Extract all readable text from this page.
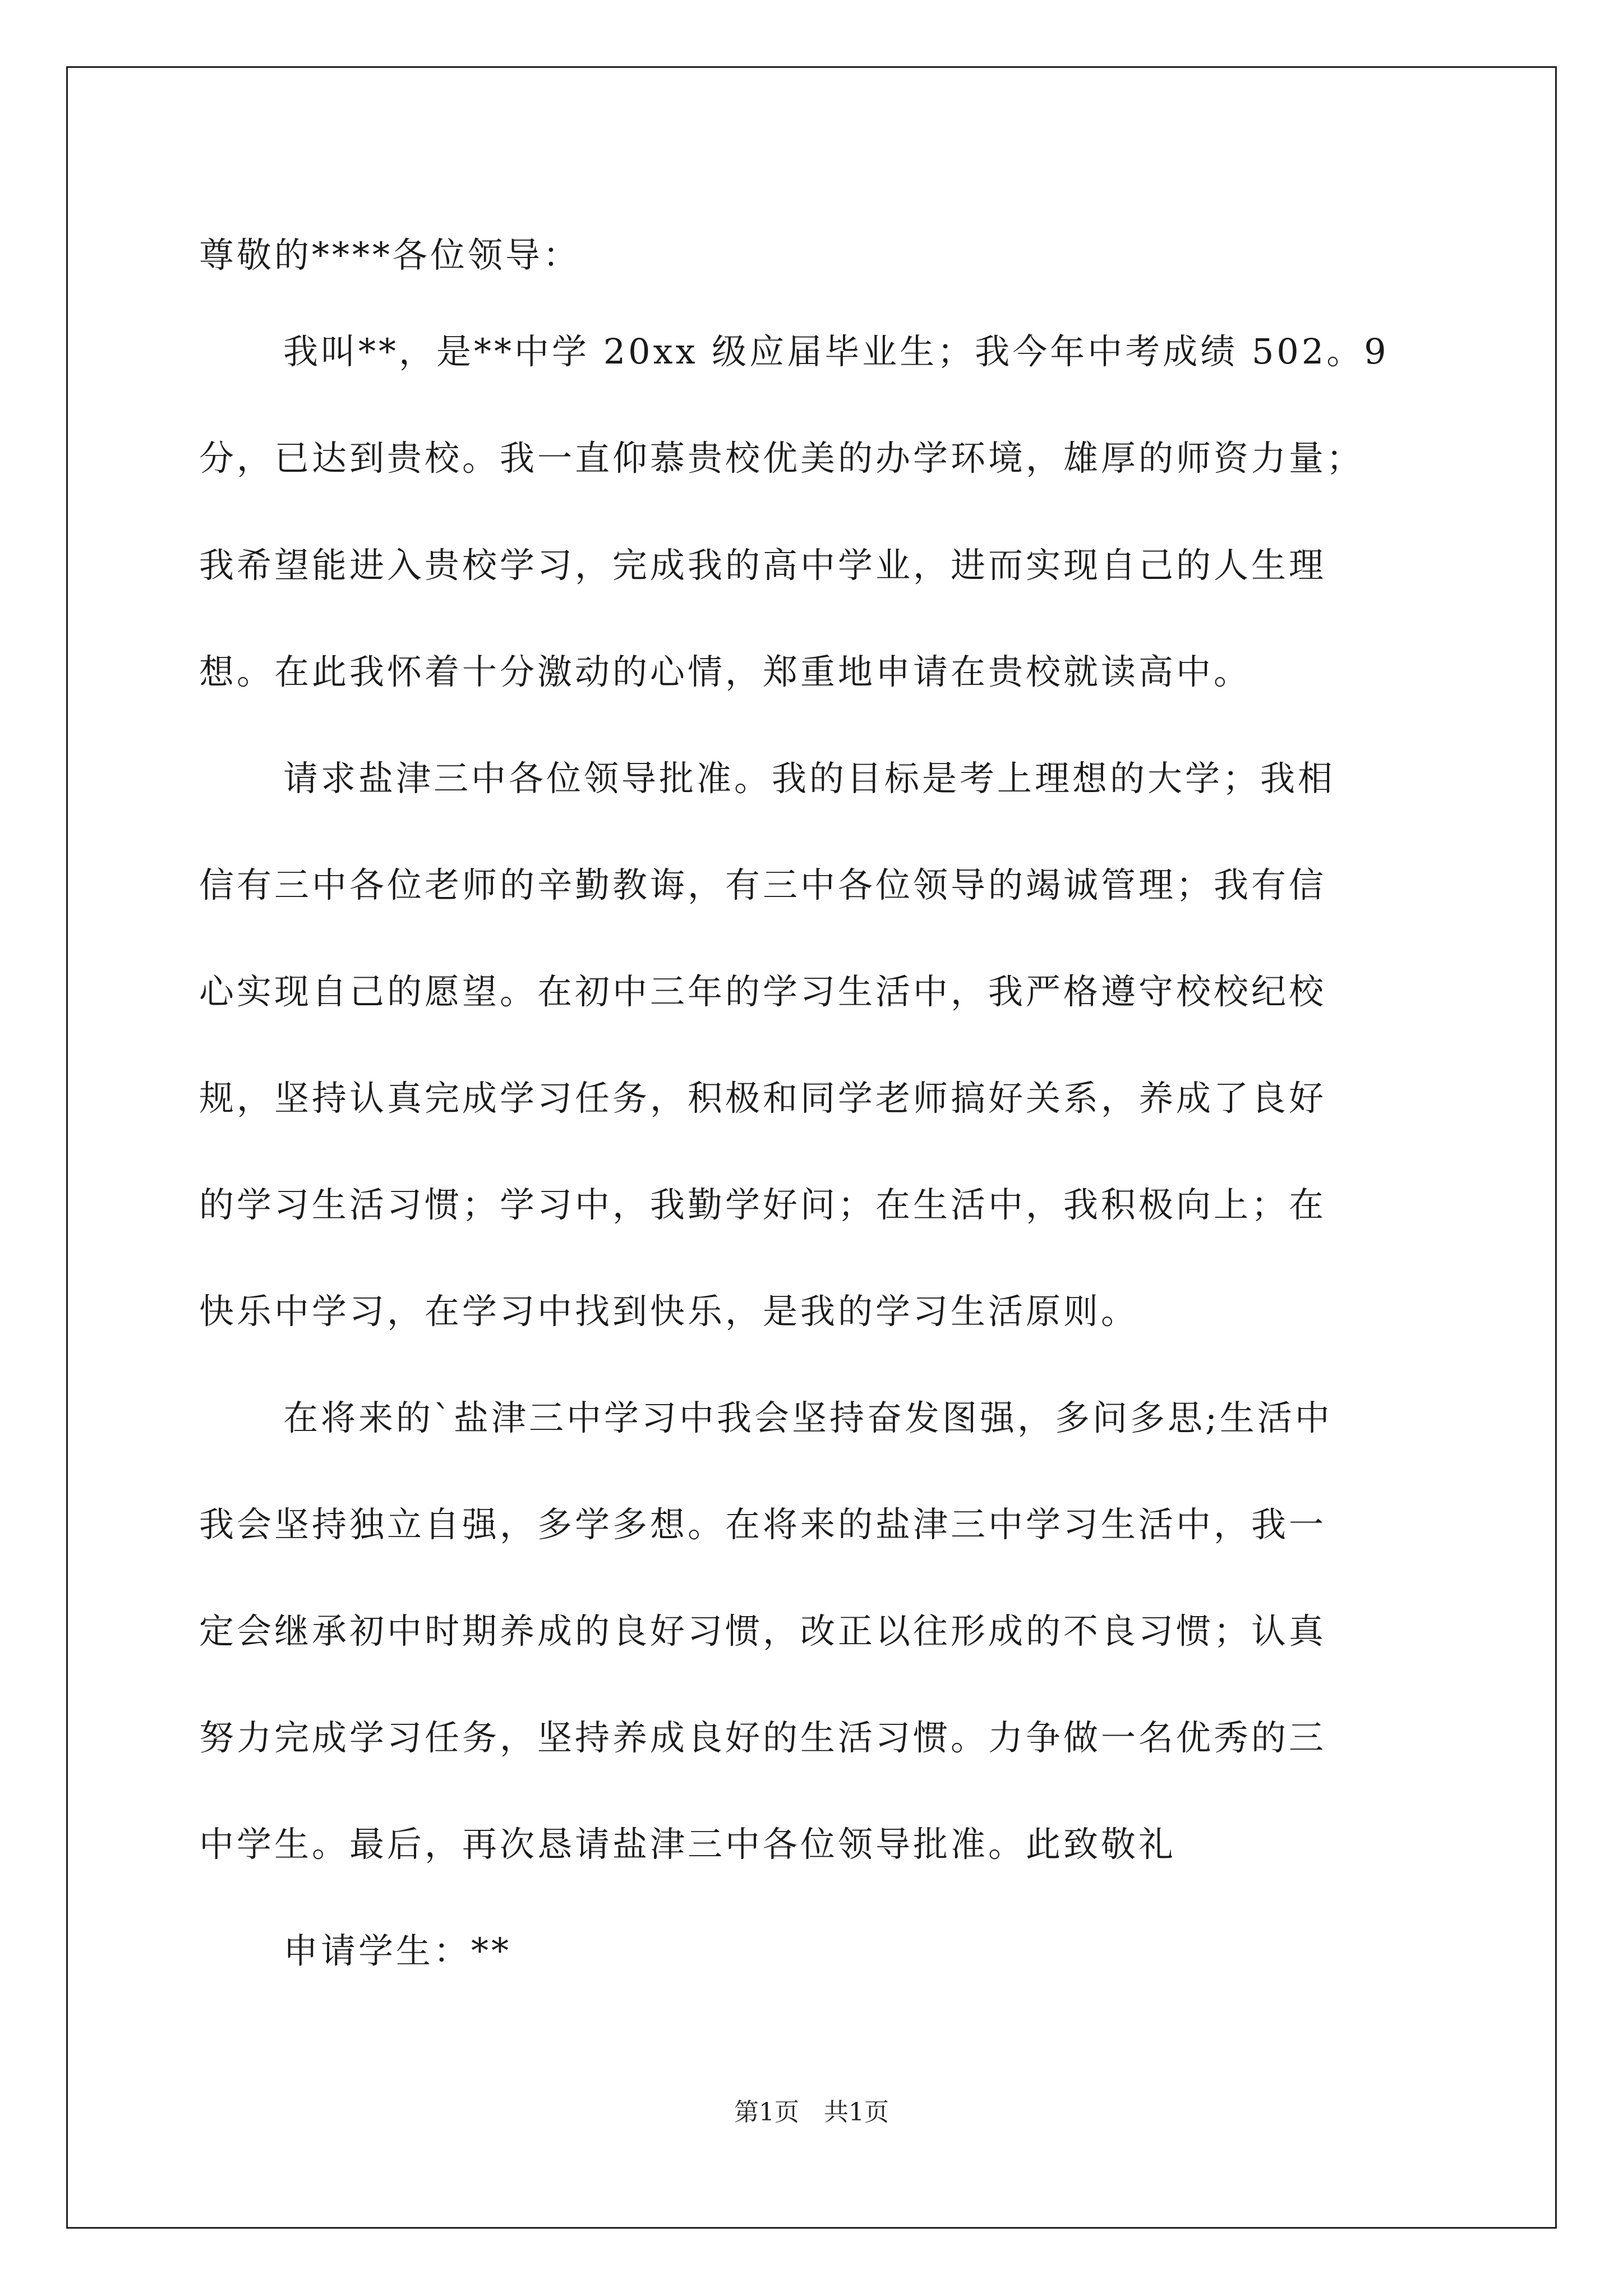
尊敬的****各位领导：
我叫**，是**中学 20xx 级应届毕业生；我今年中考成绩 502。9
分，已达到贵校。我一直仰慕贵校优美的办学环境，雄厚的师资力量；
我希望能进入贵校学习，完成我的高中学业，进而实现自己的人生理
想。在此我怀着十分激动的心情，郑重地申请在贵校就读高中。
请求盐津三中各位领导批准。我的目标是考上理想的大学；我相
信有三中各位老师的辛勤教诲，有三中各位领导的竭诚管理；我有信
心实现自己的愿望。在初中三年的学习生活中，我严格遵守校校纪校
规，坚持认真完成学习任务，积极和同学老师搞好关系，养成了良好
的学习生活习惯；学习中，我勤学好问；在生活中，我积极向上；在
快乐中学习，在学习中找到快乐，是我的学习生活原则。
在将来的`盐津三中学习中我会坚持奋发图强，多问多思;生活中
我会坚持独立自强，多学多想。在将来的盐津三中学习生活中，我一
定会继承初中时期养成的良好习惯，改正以往形成的不良习惯；认真
努力完成学习任务，坚持养成良好的生活习惯。力争做一名优秀的三
中学生。最后，再次恳请盐津三中各位领导批准。此致敬礼
申请学生：**
第1页　共1页
